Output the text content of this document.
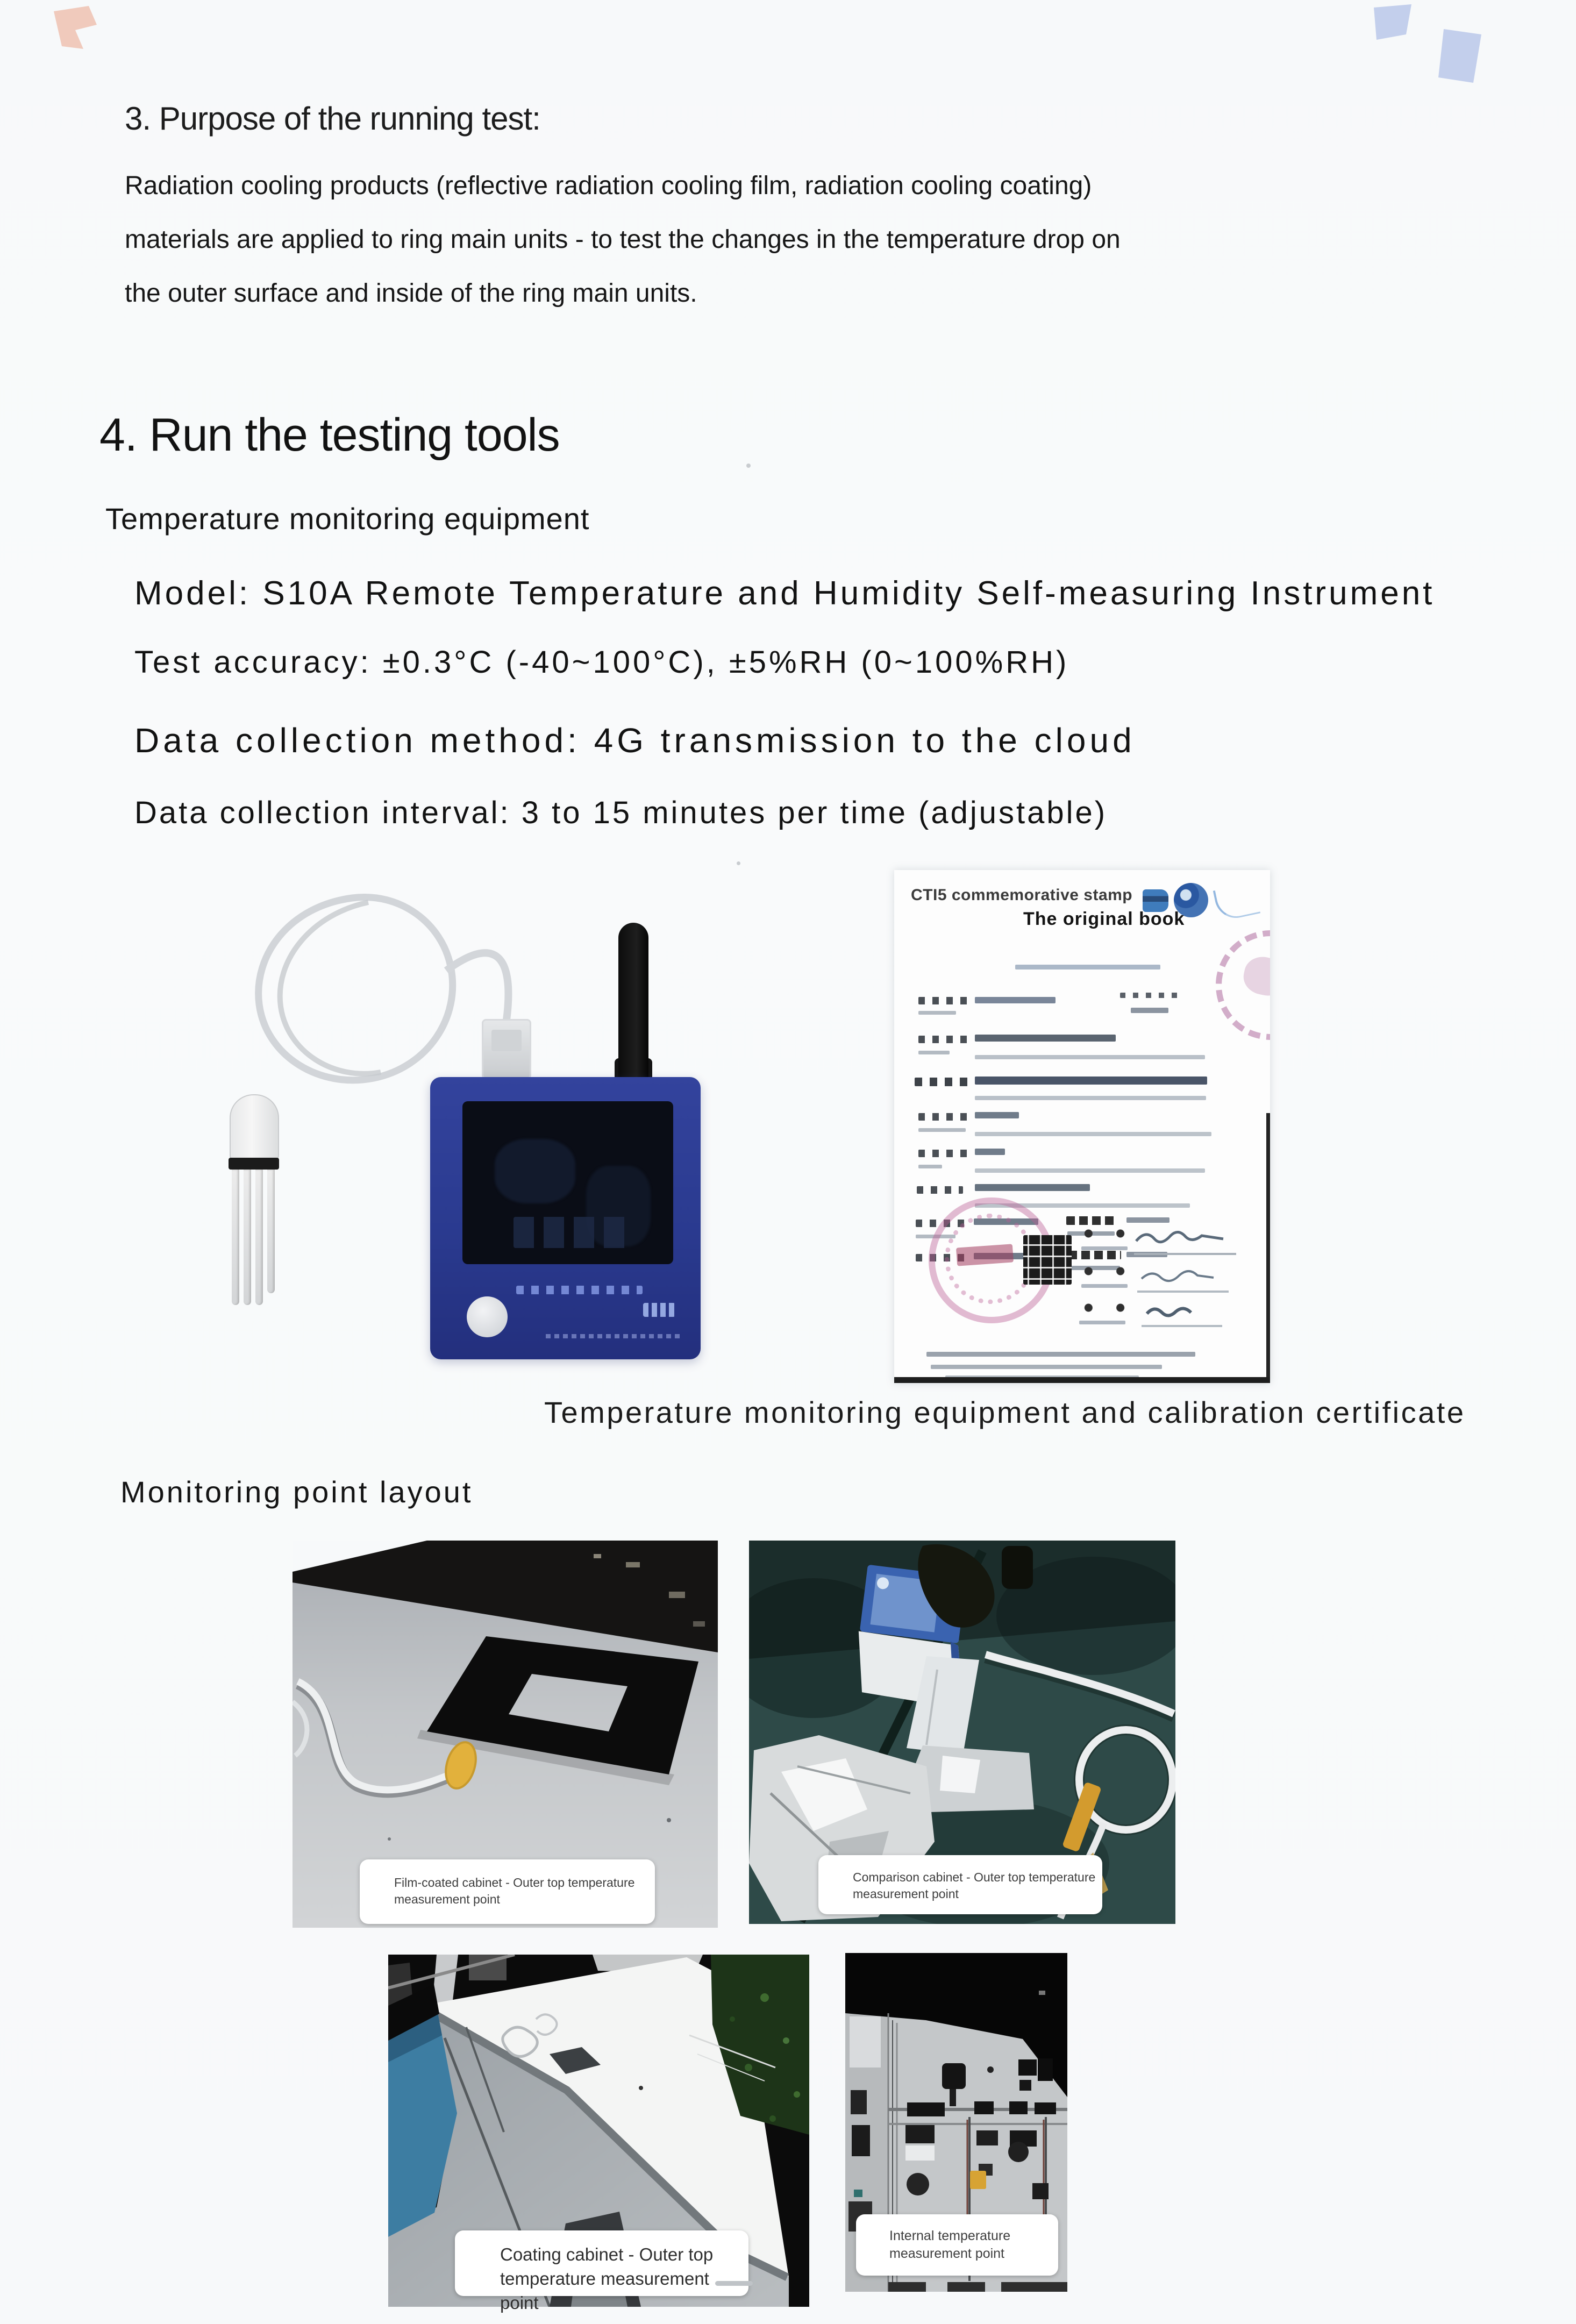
3. Purpose of the running test:
Radiation cooling products (reflective radiation cooling film, radiation cooling coating) materials are applied to ring main units - to test the changes in the temperature drop on the outer surface and inside of the ring main units.
4. Run the testing tools
Temperature monitoring equipment
Model: S10A Remote Temperature and Humidity Self-measuring Instrument
Test accuracy: ±0.3°C (-40~100°C), ±5%RH (0~100%RH)
Data collection method: 4G transmission to the cloud
Data collection interval: 3 to 15 minutes per time (adjustable)
CTI5 commemorative stamp
The original book
Temperature monitoring equipment and calibration certificate
Monitoring point layout
Film-coated cabinet - Outer top temperature measurement point
Comparison cabinet - Outer top temperature measurement point
Coating cabinet - Outer top temperature measurement point
Internal temperature measurement point
